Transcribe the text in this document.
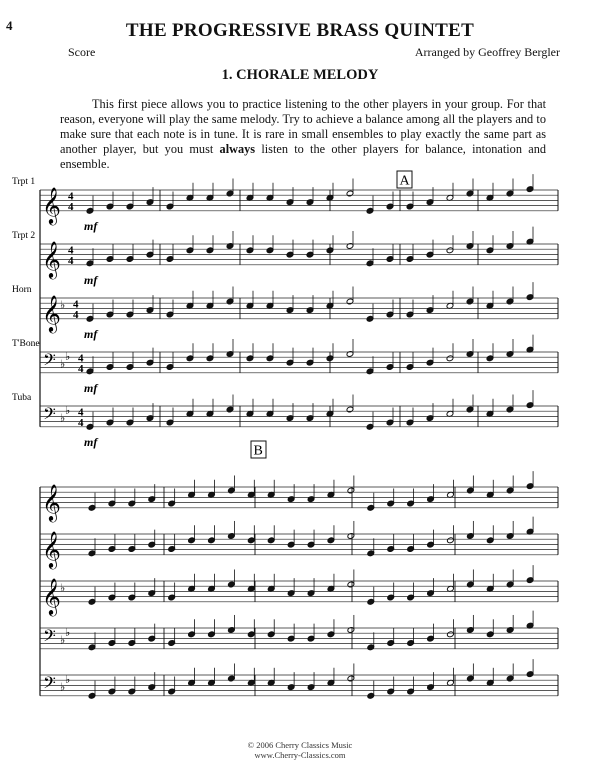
4	THE PROGRESSIVE BRASS QUINTET
Score	Arranged by Geoffrey Bergler
1. CHORALE MELODY
This first piece allows you to practice listening to the other players in your group. For that reason, everyone will play the same melody. Try to achieve a balance among all the players and to make sure that each note is in tune. It is rare in small ensembles to play exactly the same part as another player, but you must always listen to the other players for balance, intonation and ensemble.
𝄞 4
4
Trpt 1
mf
𝄞 4
4
Trpt 2
mf
𝄞 ♭ 4
4
Horn
mf
𝄢 ♭
♭ 4
4
T'Bone
mf
𝄢 ♭
♭ 4
4
Tuba
mf
A
𝄞
𝄞
𝄞 ♭
𝄢 ♭
♭
𝄢 ♭
♭
B
© 2006 Cherry Classics Music
www.Cherry-Classics.com
